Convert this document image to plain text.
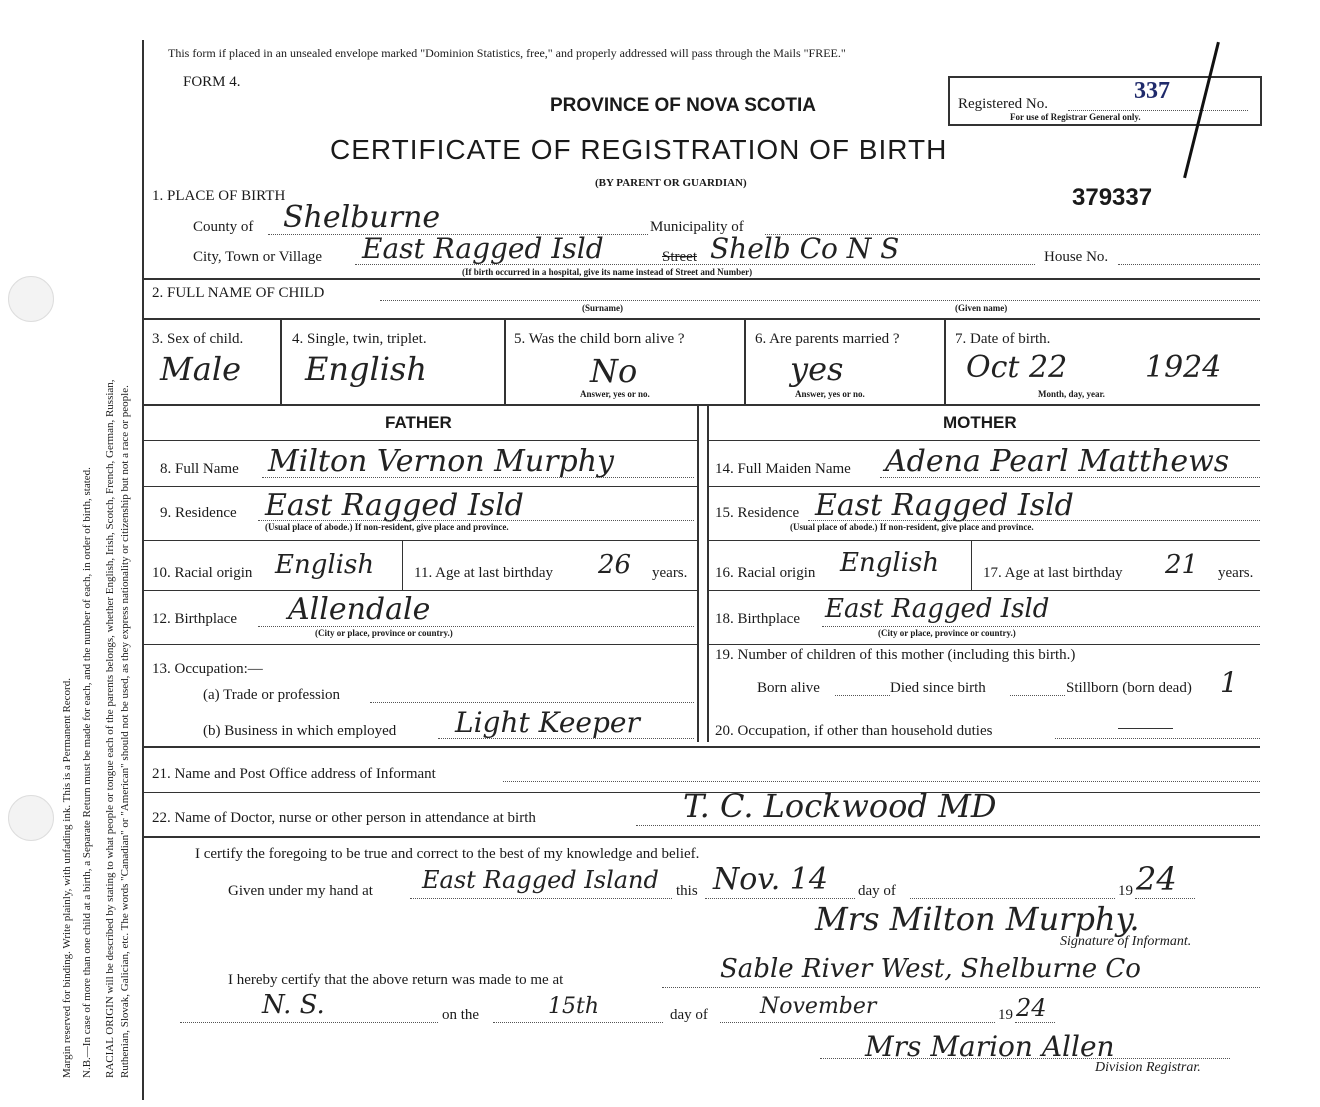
Margin reserved for binding. Write plainly, with unfading ink. This is a Permanent Record. N.B.—In case of more than one child at a birth, a Separate Return must be made for each, and the number of each, in order of birth, stated. RACIAL ORIGIN will be described by stating to what people or tongue each of the parents belongs, whether English, Irish, Scotch, French, German, Russian, Ruthenian, Slovak, Galician, etc. The words "Canadian" or "American" should not be used, as they express nationality or citizenship but not a race or people.
This form if placed in an unsealed envelope marked "Dominion Statistics, free," and properly addressed will pass through the Mails "FREE."
FORM 4.
PROVINCE OF NOVA SCOTIA
CERTIFICATE OF REGISTRATION OF BIRTH
(BY PARENT OR GUARDIAN)
Registered No.	337
For use of Registrar General only.
379337
1. PLACE OF BIRTH
County of Shelburne	Municipality of
City, Town or Village East Ragged Isld	Street Shelb Co N S	House No.
(If birth occurred in a hospital, give its name instead of Street and Number)
2. FULL NAME OF CHILD
(Surname)	(Given name)
3. Sex of child.
Male
4. Single, twin, triplet.
English
5. Was the child born alive ?
No
Answer, yes or no.
6. Are parents married ?
yes
Answer, yes or no.
7. Date of birth.
Oct 22	1924
Month, day, year.
FATHER	MOTHER
8. Full Name Milton Vernon Murphy	14. Full Maiden Name Adena Pearl Matthews
9. Residence East Ragged Isld
(Usual place of abode.) If non-resident, give place and province.
15. Residence East Ragged Isld
(Usual place of abode.) If non-resident, give place and province.
10. Racial origin English	11. Age at last birthday 26 years. 16. Racial origin English	17. Age at last birthday 21 years.
12. Birthplace Allendale
(City or place, province or country.)
18. Birthplace East Ragged Isld
(City or place, province or country.)
13. Occupation:—
(a) Trade or profession
(b) Business in which employed Light Keeper
19. Number of children of this mother (including this birth.)
Born alive	Died since birth	Stillborn (born dead) 1
20. Occupation, if other than household duties
21. Name and Post Office address of Informant
22. Name of Doctor, nurse or other person in attendance at birth	T. C. Lockwood MD
I certify the foregoing to be true and correct to the best of my knowledge and belief.
Given under my hand at East Ragged Island this Nov. 14 day of	19 24
Mrs Milton Murphy.
Signature of Informant.
I hereby certify that the above return was made to me at	Sable River West, Shelburne Co
N. S.	on the	15th	day of November	19 24
Mrs Marion Allen
Division Registrar.
